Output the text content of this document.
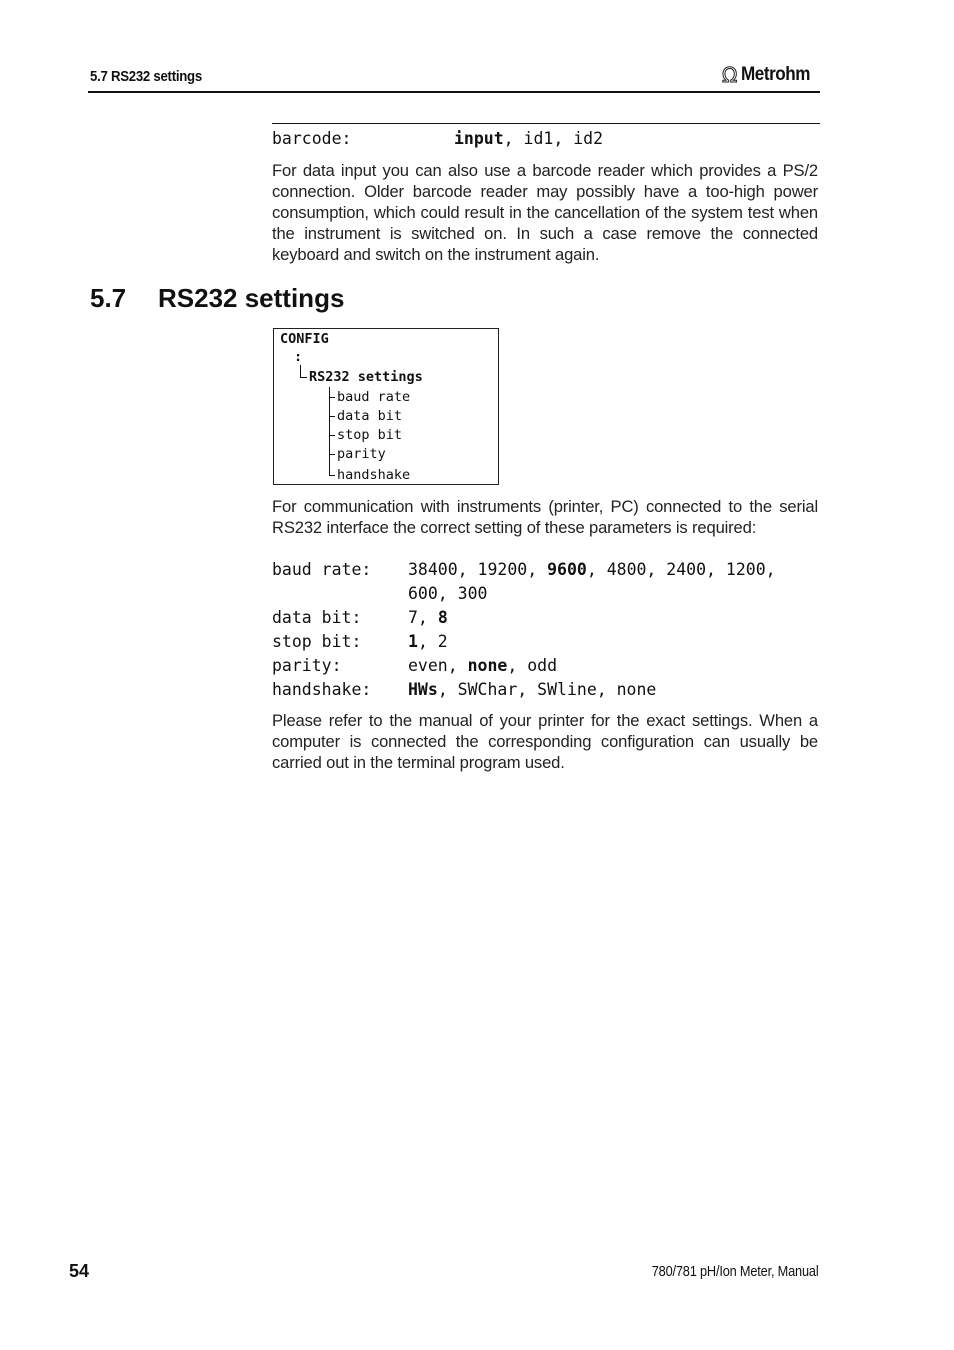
5.7 RS232 settings	Ω Metrohm
barcode:	input, id1, id2
For data input you can also use a barcode reader which provides a PS/2 connection. Older barcode reader may possibly have a too-high power consumption, which could result in the cancellation of the system test when the instrument is switched on. In such a case remove the connected keyboard and switch on the instrument again.
5.7	RS232 settings
CONFIG
:
RS232 settings
baud rate
data bit
stop bit
parity
handshake
For communication with instruments (printer, PC) connected to the serial RS232 interface the correct setting of these parameters is required:
baud rate: 38400, 19200, 9600, 4800, 2400, 1200,
600, 300
data bit:	7, 8
stop bit:	1, 2
parity:	even, none, odd
handshake: HWs, SWChar, SWline, none
Please refer to the manual of your printer for the exact settings. When a computer is connected the corresponding configuration can usually be carried out in the terminal program used.
54	780/781 pH/Ion Meter, Manual
